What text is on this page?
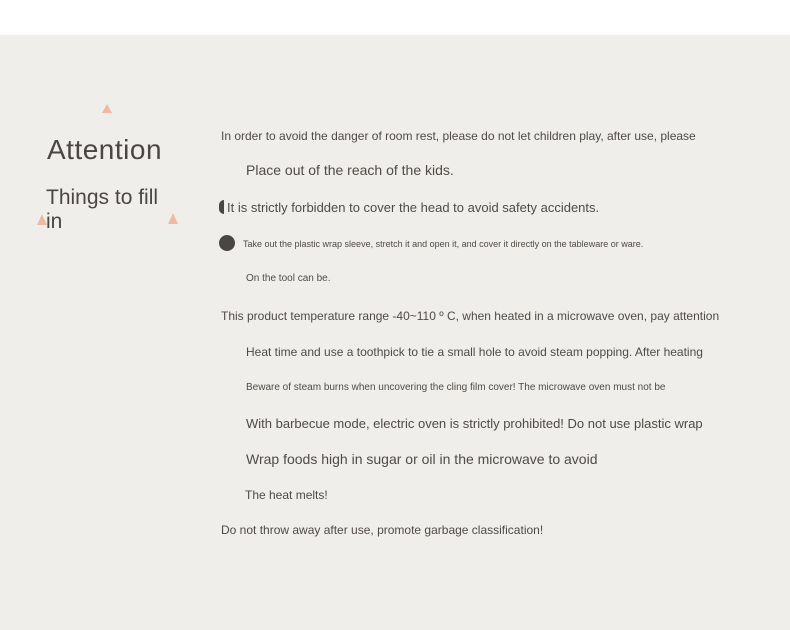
Attention
Things to fill in
In order to avoid the danger of room rest, please do not let children play, after use, please
Place out of the reach of the kids.
It is strictly forbidden to cover the head to avoid safety accidents.
Take out the plastic wrap sleeve, stretch it and open it, and cover it directly on the tableware or ware.
On the tool can be.
This product temperature range -40~110 º C, when heated in a microwave oven, pay attention
Heat time and use a toothpick to tie a small hole to avoid steam popping. After heating
Beware of steam burns when uncovering the cling film cover! The microwave oven must not be
With barbecue mode, electric oven is strictly prohibited! Do not use plastic wrap
Wrap foods high in sugar or oil in the microwave to avoid
The heat melts!
Do not throw away after use, promote garbage classification!
